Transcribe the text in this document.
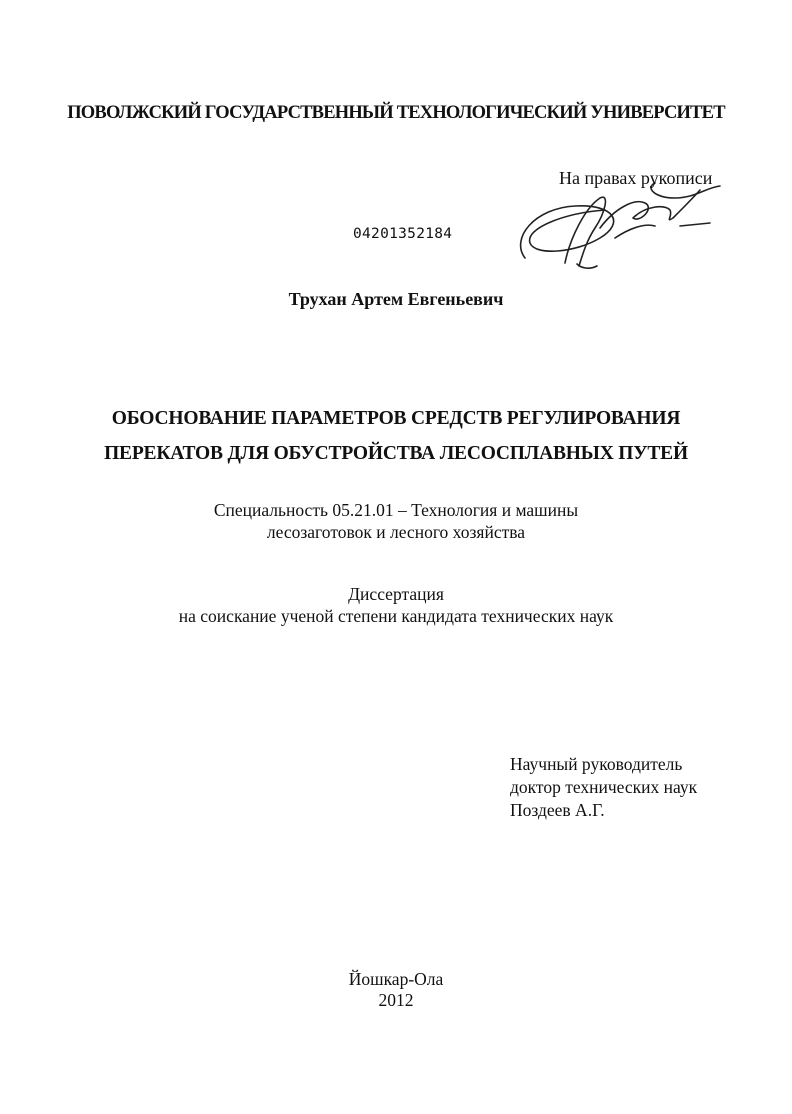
ПОВОЛЖСКИЙ ГОСУДАРСТВЕННЫЙ ТЕХНОЛОГИЧЕСКИЙ УНИВЕРСИТЕТ
На правах рукописи
04201352184
Трухан Артем Евгеньевич
ОБОСНОВАНИЕ ПАРАМЕТРОВ СРЕДСТВ РЕГУЛИРОВАНИЯ
ПЕРЕКАТОВ ДЛЯ ОБУСТРОЙСТВА ЛЕСОСПЛАВНЫХ ПУТЕЙ
Специальность 05.21.01 – Технология и машины
лесозаготовок и лесного хозяйства
Диссертация
на соискание ученой степени кандидата технических наук
Научный руководитель
доктор технических наук
Поздеев А.Г.
Йошкар-Ола
2012
